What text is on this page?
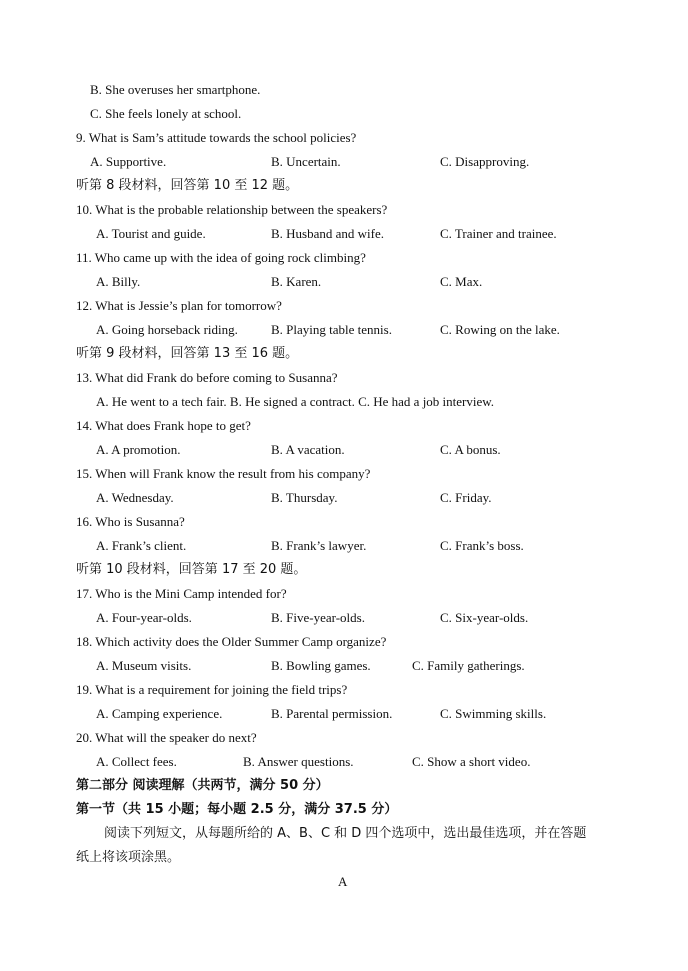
B. She overuses her smartphone.
C. She feels lonely at school.
9. What is Sam’s attitude towards the school policies?
A. Supportive.	B. Uncertain.	C. Disapproving.
听第 8 段材料，回答第 10 至 12 题。
10. What is the probable relationship between the speakers?
A. Tourist and guide.	B. Husband and wife.	C. Trainer and trainee.
11. Who came up with the idea of going rock climbing?
A. Billy.	B. Karen.	C. Max.
12. What is Jessie’s plan for tomorrow?
A. Going horseback riding.	B. Playing table tennis.	C. Rowing on the lake.
听第 9 段材料，回答第 13 至 16 题。
13. What did Frank do before coming to Susanna?
A. He went to a tech fair. B. He signed a contract. C. He had a job interview.
14. What does Frank hope to get?
A. A promotion.	B. A vacation.	C. A bonus.
15. When will Frank know the result from his company?
A. Wednesday.	B. Thursday.	C. Friday.
16. Who is Susanna?
A. Frank’s client.	B. Frank’s lawyer.	C. Frank’s boss.
听第 10 段材料，回答第 17 至 20 题。
17. Who is the Mini Camp intended for?
A. Four-year-olds.	B. Five-year-olds.	C. Six-year-olds.
18. Which activity does the Older Summer Camp organize?
A. Museum visits.	B. Bowling games.	C. Family gatherings.
19. What is a requirement for joining the field trips?
A. Camping experience.	B. Parental permission.	C. Swimming skills.
20. What will the speaker do next?
A. Collect fees.	B. Answer questions.	C. Show a short video.
第二部分 阅读理解（共两节，满分 50 分）
第一节（共 15 小题；每小题 2.5 分，满分 37.5 分）
阅读下列短文，从每题所给的 A、B、C 和 D 四个选项中，选出最佳选项，并在答题
纸上将该项涂黑。
A
